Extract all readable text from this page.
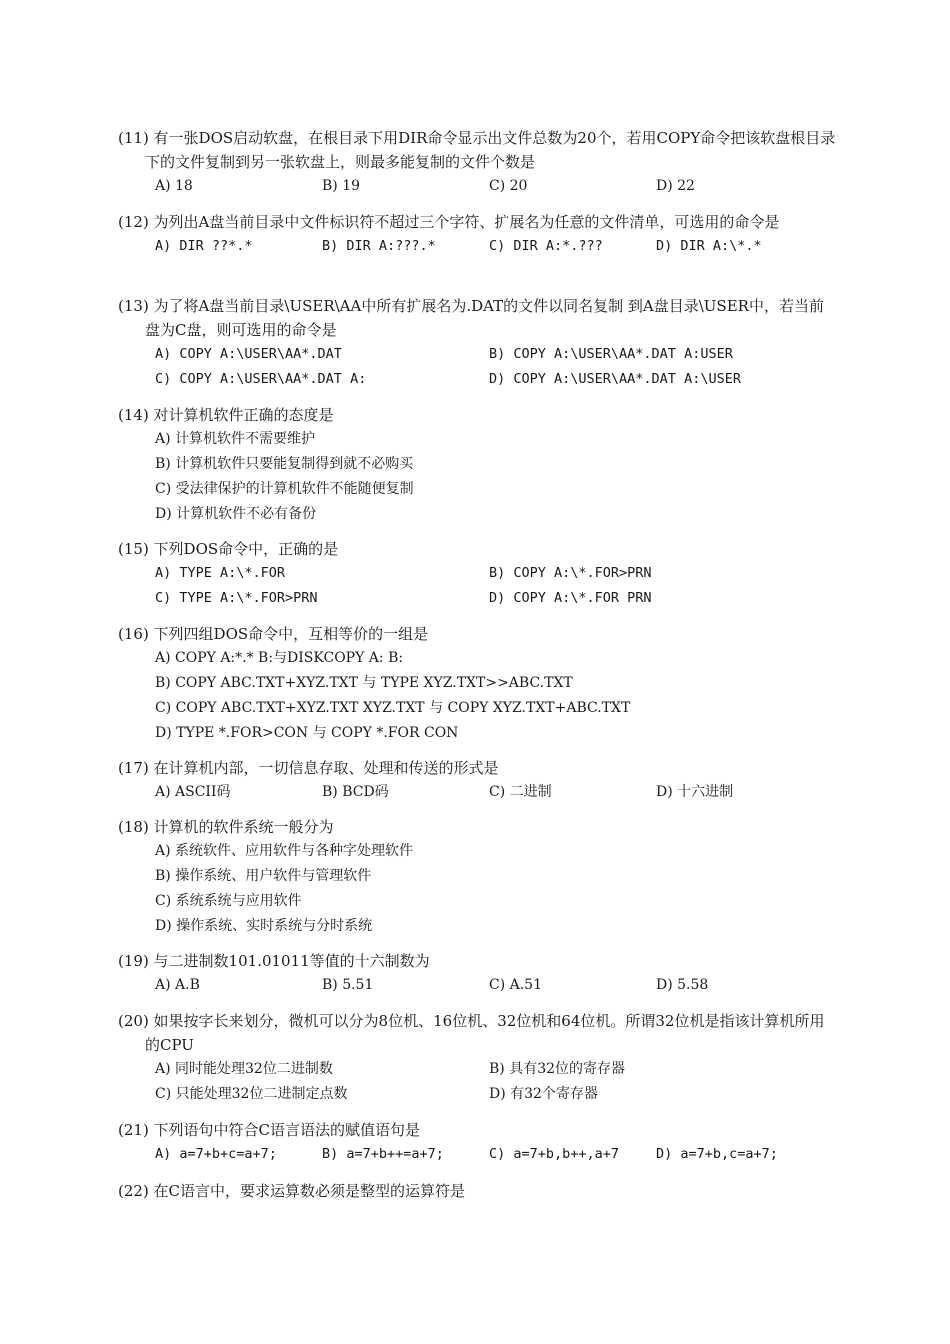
(11) 有一张DOS启动软盘，在根目录下用DIR命令显示出文件总数为20个，若用COPY命令把该软盘根目录下的文件复制到另一张软盘上，则最多能复制的文件个数是

A) 18	B) 19	C) 20	D) 22

(12) 为列出A盘当前目录中文件标识符不超过三个字符、扩展名为任意的文件清单，可选用的命令是

A) DIR ??*.*	B) DIR A:???.*	C) DIR A:*.???	D) DIR A:\*.*

(13) 为了将A盘当前目录\USER\AA中所有扩展名为.DAT的文件以同名复制 到A盘目录\USER中，若当前盘为C盘，则可选用的命令是

A) COPY A:\USER\AA*.DAT	B) COPY A:\USER\AA*.DAT A:USER
C) COPY A:\USER\AA*.DAT A:	D) COPY A:\USER\AA*.DAT A:\USER

(14) 对计算机软件正确的态度是

A) 计算机软件不需要维护
B) 计算机软件只要能复制得到就不必购买
C) 受法律保护的计算机软件不能随便复制
D) 计算机软件不必有备份

(15) 下列DOS命令中，正确的是

A) TYPE A:\*.FOR	B) COPY A:\*.FOR>PRN
C) TYPE A:\*.FOR>PRN	D) COPY A:\*.FOR PRN

(16) 下列四组DOS命令中，互相等价的一组是

A) COPY A:*.* B:与DISKCOPY A: B:
B) COPY ABC.TXT+XYZ.TXT 与 TYPE XYZ.TXT>>ABC.TXT
C) COPY ABC.TXT+XYZ.TXT XYZ.TXT 与 COPY XYZ.TXT+ABC.TXT
D) TYPE *.FOR>CON 与 COPY *.FOR CON

(17) 在计算机内部，一切信息存取、处理和传送的形式是

A) ASCII码	B) BCD码	C) 二进制	D) 十六进制

(18) 计算机的软件系统一般分为

A) 系统软件、应用软件与各种字处理软件
B) 操作系统、用户软件与管理软件
C) 系统系统与应用软件
D) 操作系统、实时系统与分时系统

(19) 与二进制数101.01011等值的十六制数为

A) A.B	B) 5.51	C) A.51	D) 5.58

(20) 如果按字长来划分，微机可以分为8位机、16位机、32位机和64位机。所谓32位机是指该计算机所用的CPU

A) 同时能处理32位二进制数	B) 具有32位的寄存器
C) 只能处理32位二进制定点数	D) 有32个寄存器

(21) 下列语句中符合C语言语法的赋值语句是

A) a=7+b+c=a+7;	B) a=7+b++=a+7;	C) a=7+b,b++,a+7	D) a=7+b,c=a+7;

(22) 在C语言中，要求运算数必须是整型的运算符是
